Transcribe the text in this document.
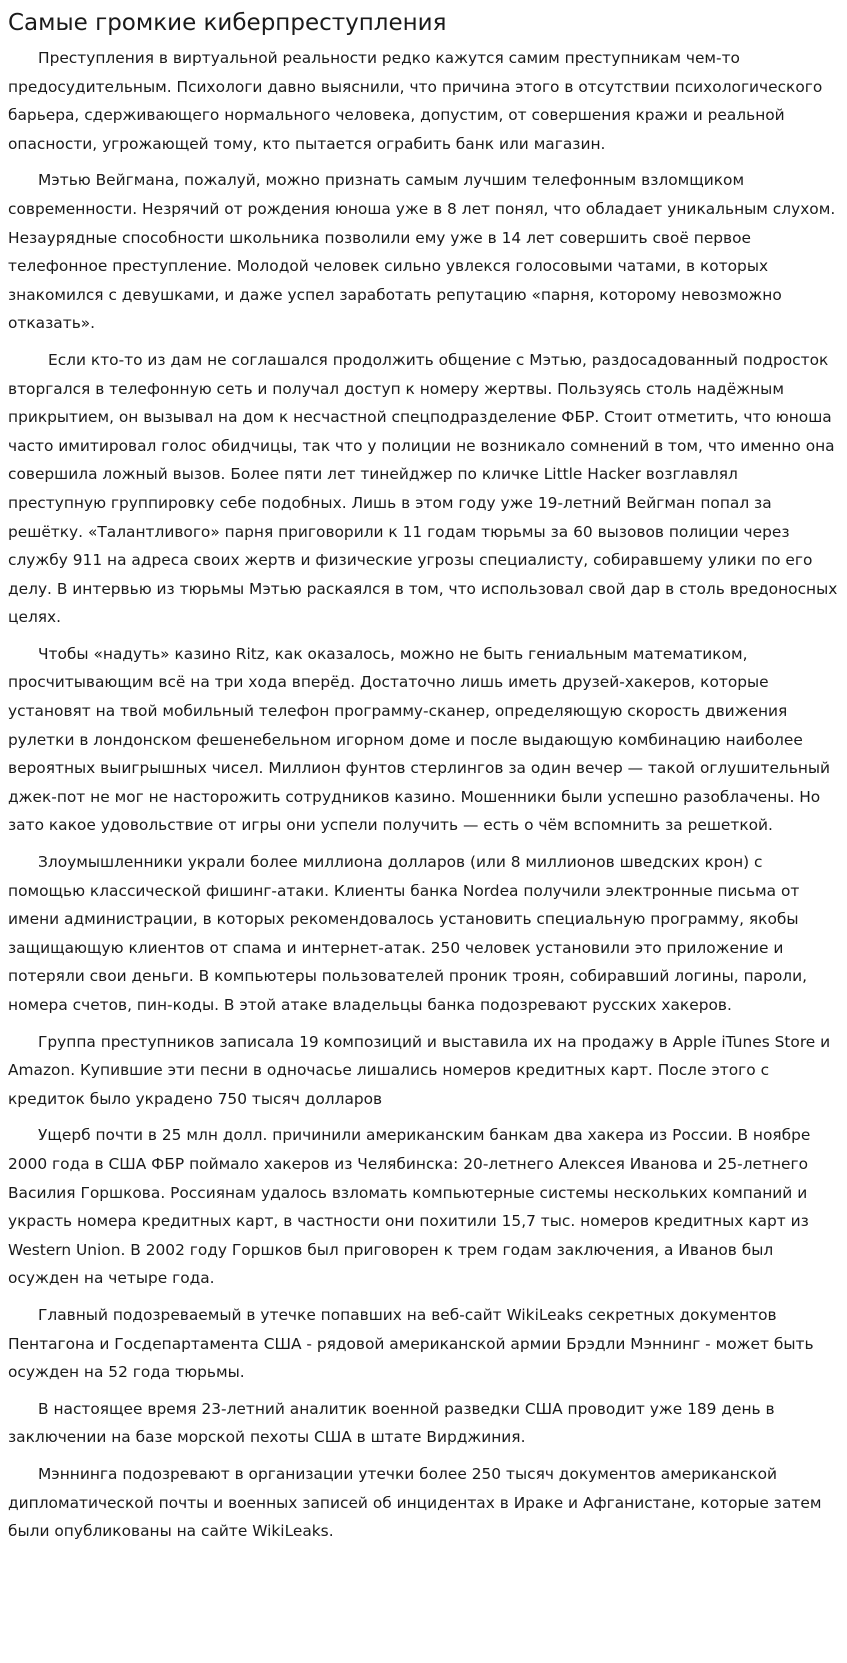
Самые громкие киберпреступления

Преступления в виртуальной реальности редко кажутся самим преступникам чем-то предосудительным. Психологи давно выяснили, что причина этого в отсутствии психологического барьера, сдерживающего нормального человека, допустим, от совершения кражи и реальной опасности, угрожающей тому, кто пытается ограбить банк или магазин.

Мэтью Вейгмана, пожалуй, можно признать самым лучшим телефонным взломщиком современности. Незрячий от рождения юноша уже в 8 лет понял, что обладает уникальным слухом. Незаурядные способности школьника позволили ему уже в 14 лет совершить своё первое телефонное преступление. Молодой человек сильно увлекся голосовыми чатами, в которых знакомился с девушками, и даже успел заработать репутацию «парня, которому невозможно отказать».

Если кто-то из дам не соглашался продолжить общение с Мэтью, раздосадованный подросток вторгался в телефонную сеть и получал доступ к номеру жертвы. Пользуясь столь надёжным прикрытием, он вызывал на дом к несчастной спецподразделение ФБР. Стоит отметить, что юноша часто имитировал голос обидчицы, так что у полиции не возникало сомнений в том, что именно она совершила ложный вызов. Более пяти лет тинейджер по кличке Little Hacker возглавлял преступную группировку себе подобных. Лишь в этом году уже 19-летний Вейгман попал за решётку. «Талантливого» парня приговорили к 11 годам тюрьмы за 60 вызовов полиции через службу 911 на адреса своих жертв и физические угрозы специалисту, собиравшему улики по его делу. В интервью из тюрьмы Мэтью раскаялся в том, что использовал свой дар в столь вредоносных целях.

Чтобы «надуть» казино Ritz, как оказалось, можно не быть гениальным математиком, просчитывающим всё на три хода вперёд. Достаточно лишь иметь друзей-хакеров, которые установят на твой мобильный телефон программу-сканер, определяющую скорость движения рулетки в лондонском фешенебельном игорном доме и после выдающую комбинацию наиболее вероятных выигрышных чисел. Миллион фунтов стерлингов за один вечер — такой оглушительный джек-пот не мог не насторожить сотрудников казино. Мошенники были успешно разоблачены. Но зато какое удовольствие от игры они успели получить — есть о чём вспомнить за решеткой.

Злоумышленники украли более миллиона долларов (или 8 миллионов шведских крон) с помощью классической фишинг-атаки. Клиенты банка Nordea получили электронные письма от имени администрации, в которых рекомендовалось установить специальную программу, якобы защищающую клиентов от спама и интернет-атак. 250 человек установили это приложение и потеряли свои деньги. В компьютеры пользователей проник троян, собиравший логины, пароли, номера счетов, пин-коды. В этой атаке владельцы банка подозревают русских хакеров.

Группа преступников записала 19 композиций и выставила их на продажу в Apple iTunes Store и Amazon. Купившие эти песни в одночасье лишались номеров кредитных карт. После этого с кредиток было украдено 750 тысяч долларов

Ущерб почти в 25 млн долл. причинили американским банкам два хакера из России. В ноябре 2000 года в США ФБР поймало хакеров из Челябинска: 20-летнего Алексея Иванова и 25-летнего Василия Горшкова. Россиянам удалось взломать компьютерные системы нескольких компаний и украсть номера кредитных карт, в частности они похитили 15,7 тыс. номеров кредитных карт из Western Union. В 2002 году Горшков был приговорен к трем годам заключения, а Иванов был осужден на четыре года.

Главный подозреваемый в утечке попавших на веб-сайт WikiLeaks секретных документов Пентагона и Госдепартамента США - рядовой американской армии Брэдли Мэннинг - может быть осужден на 52 года тюрьмы.

В настоящее время 23-летний аналитик военной разведки США проводит уже 189 день в заключении на базе морской пехоты США в штате Вирджиния.

Мэннинга подозревают в организации утечки более 250 тысяч документов американской дипломатической почты и военных записей об инцидентах в Ираке и Афганистане, которые затем были опубликованы на сайте WikiLeaks.
